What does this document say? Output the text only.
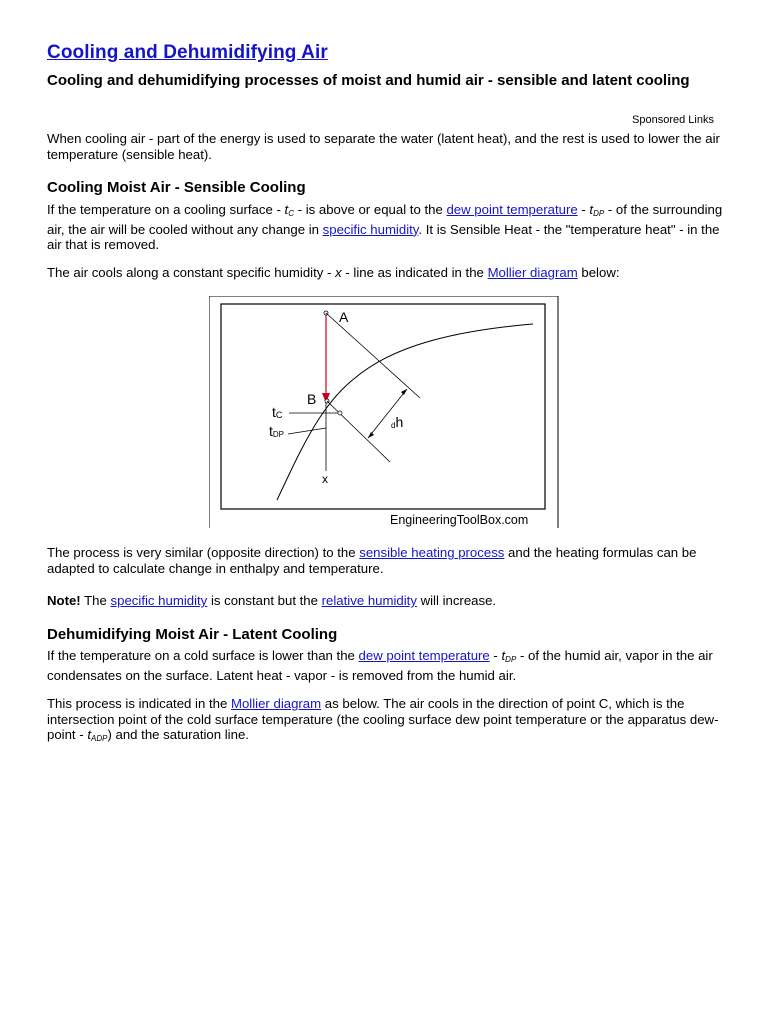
Cooling and Dehumidifying Air

Cooling and dehumidifying processes of moist and humid air - sensible and latent cooling

Sponsored Links

When cooling air - part of the energy is used to separate the water (latent heat), and the rest is used to lower the air temperature (sensible heat).

Cooling Moist Air - Sensible Cooling

If the temperature on a cooling surface - $t_C$ - is above or equal to the dew point temperature - $t_{DP}$ - of the surrounding air, the air will be cooled without any change in specific humidity. It is Sensible Heat - the "temperature heat" - in the air that is removed.

The air cools along a constant specific humidity - x - line as indicated in the Mollier diagram below:

A
B
tC
tDP
dh
x
EngineeringToolBox.com

The process is very similar (opposite direction) to the sensible heating process and the heating formulas can be adapted to calculate change in enthalpy and temperature.

Note! The specific humidity is constant but the relative humidity will increase.

Dehumidifying Moist Air - Latent Cooling

If the temperature on a cold surface is lower than the dew point temperature - $t_{DP}$ - of the humid air, vapor in the air condensates on the surface. Latent heat - vapor - is removed from the humid air.

This process is indicated in the Mollier diagram as below. The air cools in the direction of point C, which is the intersection point of the cold surface temperature (the cooling surface dew point temperature or the apparatus dew-point - $t_{ADP}$) and the saturation line.
